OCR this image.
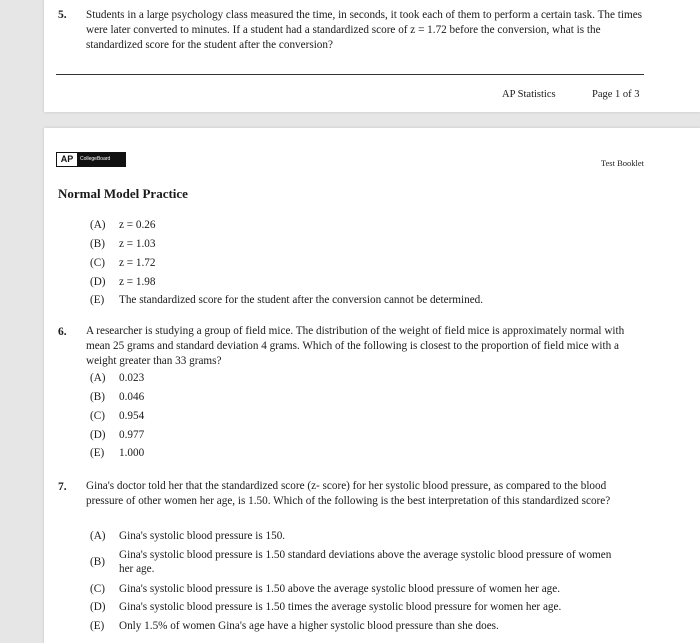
5. Students in a large psychology class measured the time, in seconds, it took each of them to perform a certain task. The times were later converted to minutes. If a student had a standardized score of z = 1.72 before the conversion, what is the standardized score for the student after the conversion?
AP Statistics	Page 1 of 3
AP	CollegeBoard	Test Booklet
Normal Model Practice
(A)	z = 0.26
(B)	z = 1.03
(C)	z = 1.72
(D)	z = 1.98
(E)	The standardized score for the student after the conversion cannot be determined.
6. A researcher is studying a group of field mice. The distribution of the weight of field mice is approximately normal with mean 25 grams and standard deviation 4 grams. Which of the following is closest to the proportion of field mice with a weight greater than 33 grams?
(A)	0.023
(B)	0.046
(C)	0.954
(D)	0.977
(E)	1.000
7. Gina's doctor told her that the standardized score (z- score) for her systolic blood pressure, as compared to the blood pressure of other women her age, is 1.50. Which of the following is the best interpretation of this standardized score?
(A)	Gina's systolic blood pressure is 150.
(B)
Gina's systolic blood pressure is 1.50 standard deviations above the average systolic blood pressure of women her age.
(C)	Gina's systolic blood pressure is 1.50 above the average systolic blood pressure of women her age.
(D)	Gina's systolic blood pressure is 1.50 times the average systolic blood pressure for women her age.
(E)	Only 1.5% of women Gina's age have a higher systolic blood pressure than she does.
